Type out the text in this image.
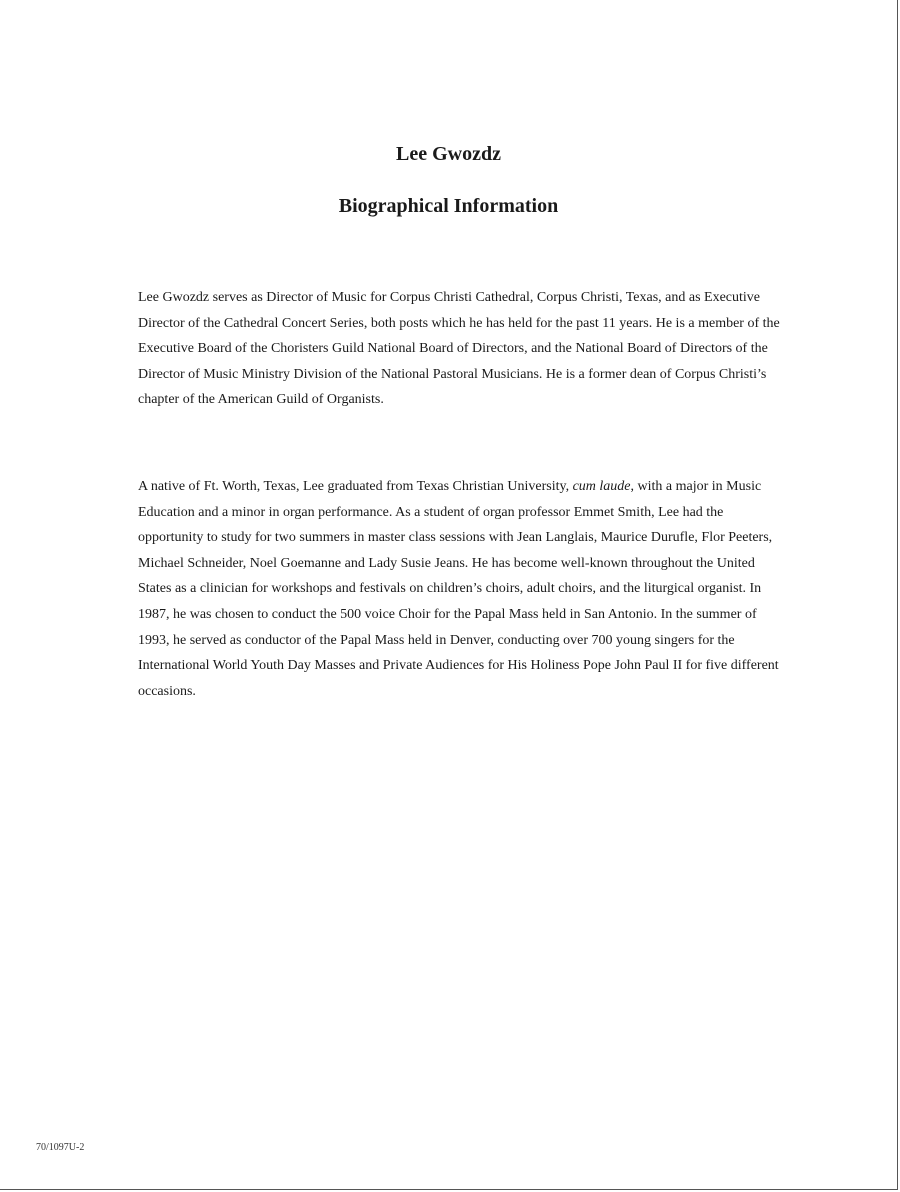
Lee Gwozdz
Biographical Information

Lee Gwozdz serves as Director of Music for Corpus Christi Cathedral, Corpus Christi, Texas, and as Executive Director of the Cathedral Concert Series, both posts which he has held for the past 11 years. He is a member of the Executive Board of the Choristers Guild National Board of Directors, and the National Board of Directors of the Director of Music Ministry Division of the National Pastoral Musicians. He is a former dean of Corpus Christi’s chapter of the American Guild of Organists.

A native of Ft. Worth, Texas, Lee graduated from Texas Christian University, cum laude, with a major in Music Education and a minor in organ performance. As a student of organ professor Emmet Smith, Lee had the opportunity to study for two summers in master class sessions with Jean Langlais, Maurice Durufle, Flor Peeters, Michael Schneider, Noel Goemanne and Lady Susie Jeans. He has become well-known throughout the United States as a clinician for workshops and festivals on children’s choirs, adult choirs, and the liturgical organist. In 1987, he was chosen to conduct the 500 voice Choir for the Papal Mass held in San Antonio. In the summer of 1993, he served as conductor of the Papal Mass held in Denver, conducting over 700 young singers for the International World Youth Day Masses and Private Audiences for His Holiness Pope John Paul II for five different occasions.

70/1097U-2
